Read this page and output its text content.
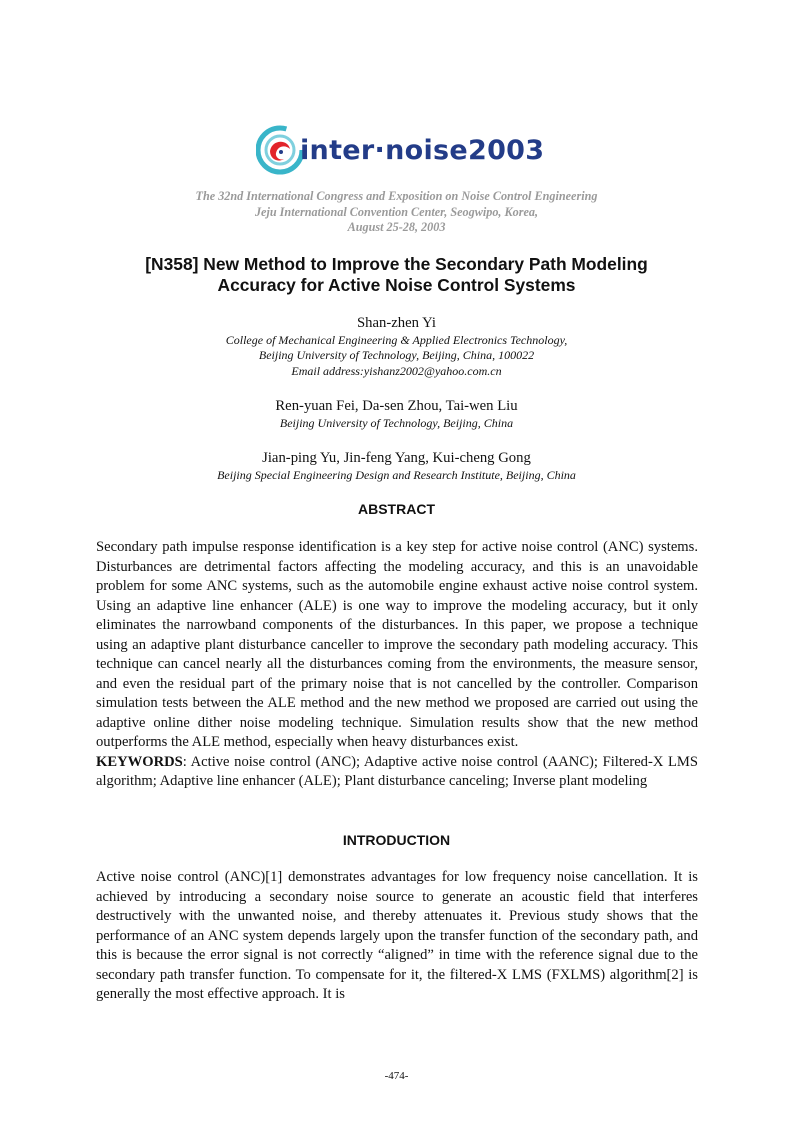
inter·noise2003
The 32nd International Congress and Exposition on Noise Control Engineering
Jeju International Convention Center, Seogwipo, Korea,
August 25-28, 2003
[N358] New Method to Improve the Secondary Path Modeling
Accuracy for Active Noise Control Systems
Shan-zhen Yi
College of Mechanical Engineering & Applied Electronics Technology,
Beijing University of Technology, Beijing, China, 100022
Email address:yishanz2002@yahoo.com.cn
Ren-yuan Fei, Da-sen Zhou, Tai-wen Liu
Beijing University of Technology, Beijing, China
Jian-ping Yu, Jin-feng Yang, Kui-cheng Gong
Beijing Special Engineering Design and Research Institute, Beijing, China
ABSTRACT

Secondary path impulse response identification is a key step for active noise control (ANC) systems. Disturbances are detrimental factors affecting the modeling accuracy, and this is an unavoidable problem for some ANC systems, such as the automobile engine exhaust active noise control system. Using an adaptive line enhancer (ALE) is one way to improve the modeling accuracy, but it only eliminates the narrowband components of the disturbances. In this paper, we propose a technique using an adaptive plant disturbance canceller to improve the secondary path modeling accuracy. This technique can cancel nearly all the disturbances coming from the environments, the measure sensor, and even the residual part of the primary noise that is not cancelled by the controller. Comparison simulation tests between the ALE method and the new method we proposed are carried out using the adaptive online dither noise modeling technique. Simulation results show that the new method outperforms the ALE method, especially when heavy disturbances exist.

KEYWORDS: Active noise control (ANC); Adaptive active noise control (AANC); Filtered-X LMS algorithm; Adaptive line enhancer (ALE); Plant disturbance canceling; Inverse plant modeling

INTRODUCTION

Active noise control (ANC)[1] demonstrates advantages for low frequency noise cancellation. It is achieved by introducing a secondary noise source to generate an acoustic field that interferes destructively with the unwanted noise, and thereby attenuates it. Previous study shows that the performance of an ANC system depends largely upon the transfer function of the secondary path, and this is because the error signal is not correctly “aligned” in time with the reference signal due to the secondary path transfer function. To compensate for it, the filtered-X LMS (FXLMS) algorithm[2] is generally the most effective approach. It is

-474-
